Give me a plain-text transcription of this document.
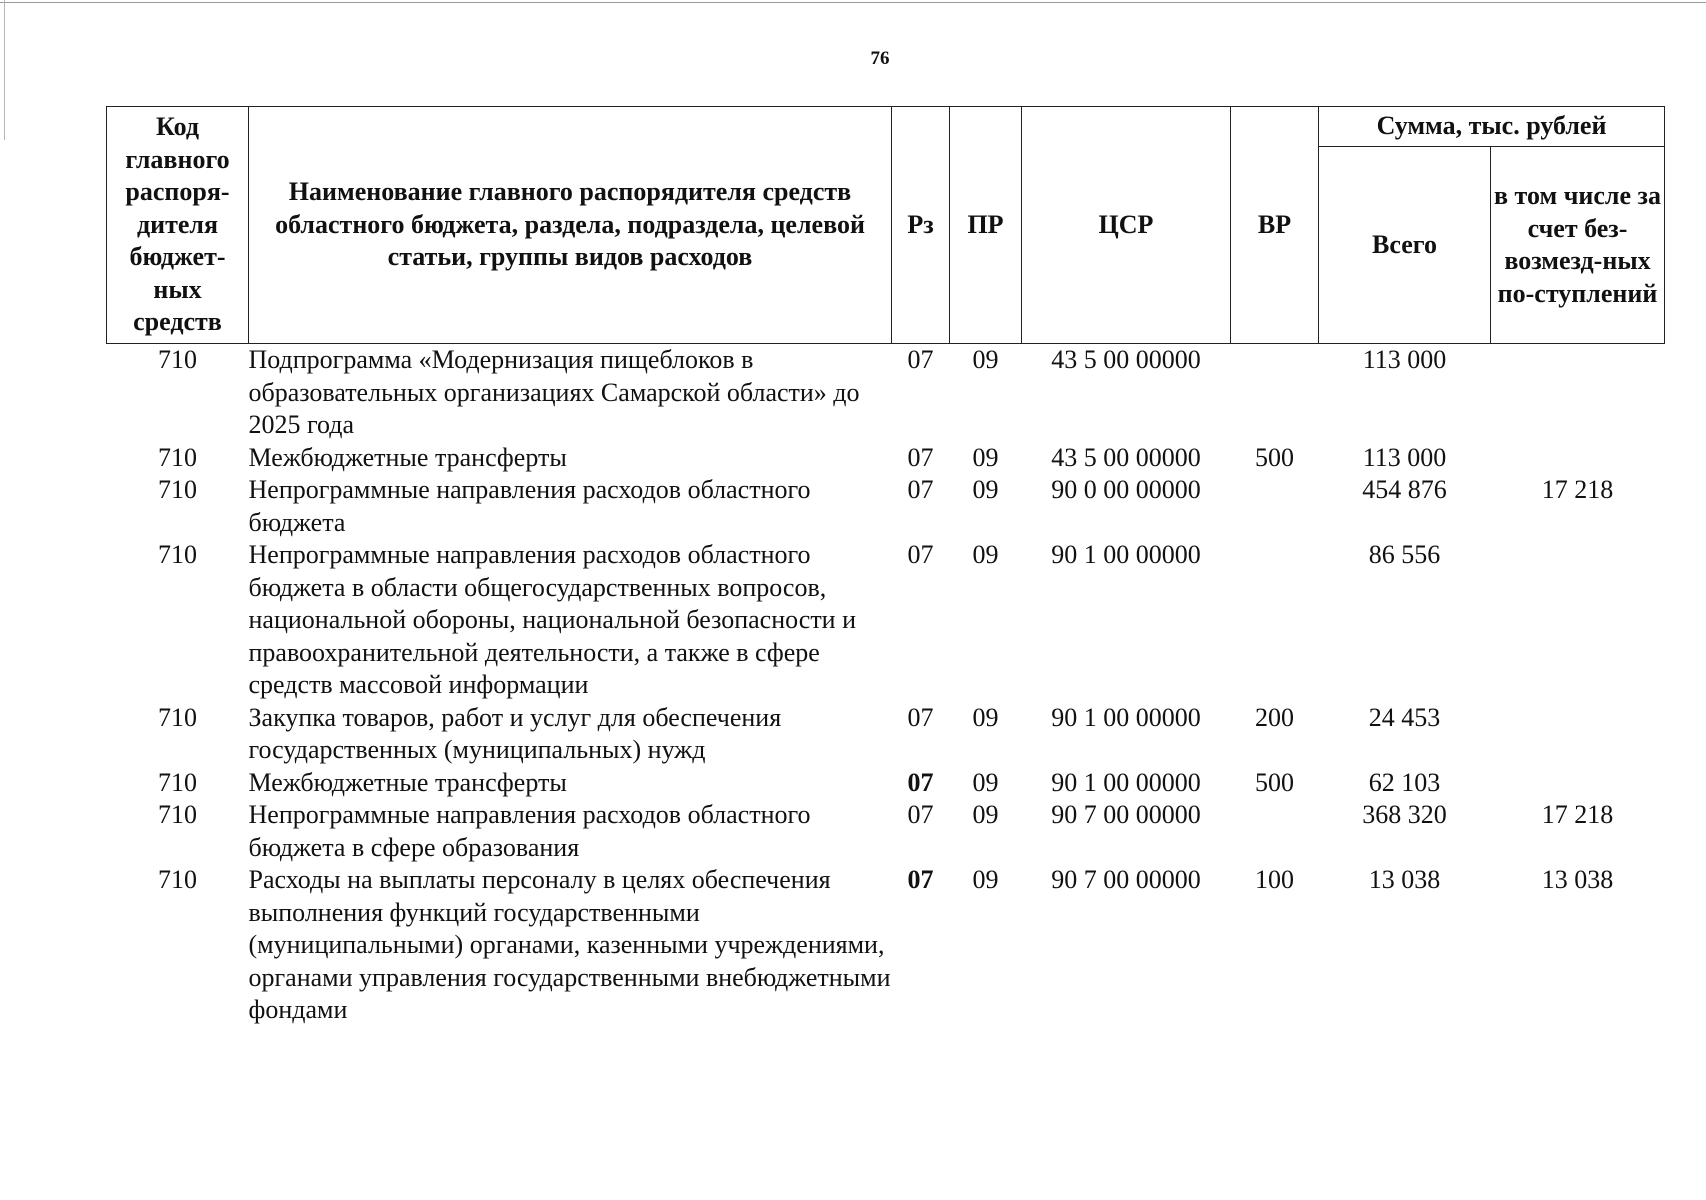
76
Код главного распоря-дителя бюджет-ных средств	Наименование главного распорядителя средств областного бюджета, раздела, подраздела, целевой статьи, группы видов расходов	Рз	ПР	ЦСР	ВР	Сумма, тыс. рублей	
						Всего	в том числе за счет без-возмезд-ных по-ступлений
710	Подпрограмма «Модернизация пищеблоков в образовательных организациях Самарской области» до 2025 года	07	09	43 5 00 00000		113 000	
710	Межбюджетные трансферты	07	09	43 5 00 00000	500	113 000	
710	Непрограммные направления расходов областного бюджета	07	09	90 0 00 00000		454 876	17 218
710	Непрограммные направления расходов областного бюджета в области общегосударственных вопросов, национальной обороны, национальной безопасности и правоохранительной деятельности, а также в сфере средств массовой информации	07	09	90 1 00 00000		86 556	
710	Закупка товаров, работ и услуг для обеспечения государственных (муниципальных) нужд	07	09	90 1 00 00000	200	24 453	
710	Межбюджетные трансферты	07	09	90 1 00 00000	500	62 103	
710	Непрограммные направления расходов областного бюджета в сфере образования	07	09	90 7 00 00000		368 320	17 218
710	Расходы на выплаты персоналу в целях обеспечения выполнения функций государственными (муниципальными) органами, казенными учреждениями, органами управления государственными внебюджетными фондами	07	09	90 7 00 00000	100	13 038	13 038
